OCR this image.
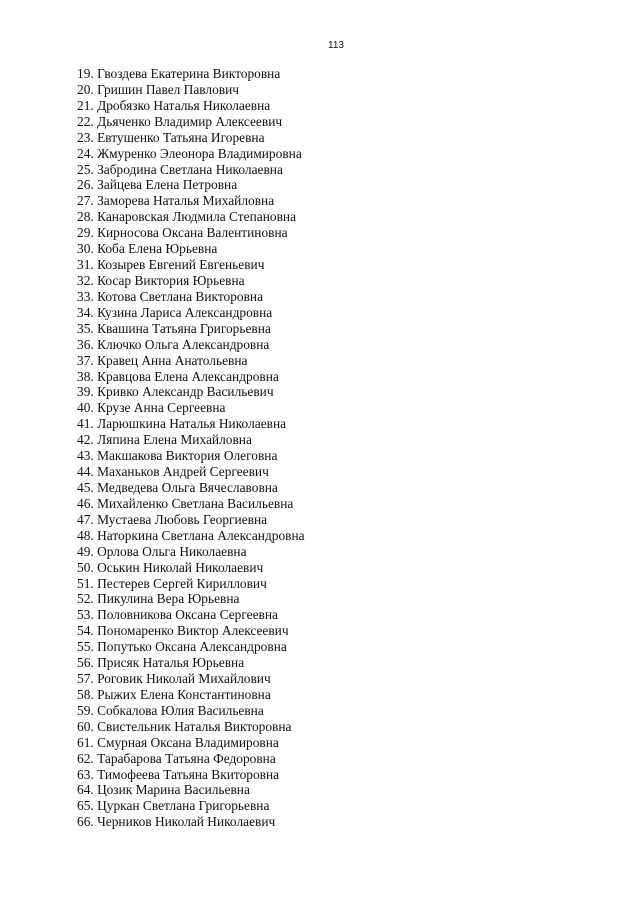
113
19. Гвоздева Екатерина Викторовна
20. Гришин Павел Павлович
21. Дробязко Наталья Николаевна
22. Дьяченко Владимир Алексеевич
23. Евтушенко Татьяна Игоревна
24. Жмуренко Элеонора Владимировна
25. Забродина Светлана Николаевна
26. Зайцева Елена Петровна
27. Заморева Наталья Михайловна
28. Канаровская Людмила Степановна
29. Кирносова Оксана Валентиновна
30. Коба Елена Юрьевна
31. Козырев Евгений Евгеньевич
32. Косар Виктория Юрьевна
33. Котова Светлана Викторовна
34. Кузина Лариса Александровна
35. Квашина Татьяна Григорьевна
36. Ключко Ольга Александровна
37. Кравец Анна Анатольевна
38. Кравцова Елена Александровна
39. Кривко Александр Васильевич
40. Крузе Анна Сергеевна
41. Ларюшкина Наталья Николаевна
42. Ляпина Елена Михайловна
43. Макшакова Виктория Олеговна
44. Маханьков Андрей Сергеевич
45. Медведева Ольга Вячеславовна
46. Михайленко Светлана Васильевна
47. Мустаева Любовь Георгиевна
48. Наторкина Светлана Александровна
49. Орлова Ольга Николаевна
50. Оськин Николай Николаевич
51. Пестерев Сергей Кириллович
52. Пикулина Вера Юрьевна
53. Половникова Оксана Сергеевна
54. Пономаренко Виктор Алексеевич
55. Попутько Оксана Александровна
56. Присяк Наталья Юрьевна
57. Роговик Николай Михайлович
58. Рыжих Елена Константиновна
59. Собкалова Юлия Васильевна
60. Свистельник Наталья Викторовна
61. Смурная Оксана Владимировна
62. Тарабарова Татьяна Федоровна
63. Тимофеева Татьяна Вкиторовна
64. Цозик Марина Васильевна
65. Цуркан Светлана Григорьевна
66. Черников Николай Николаевич
